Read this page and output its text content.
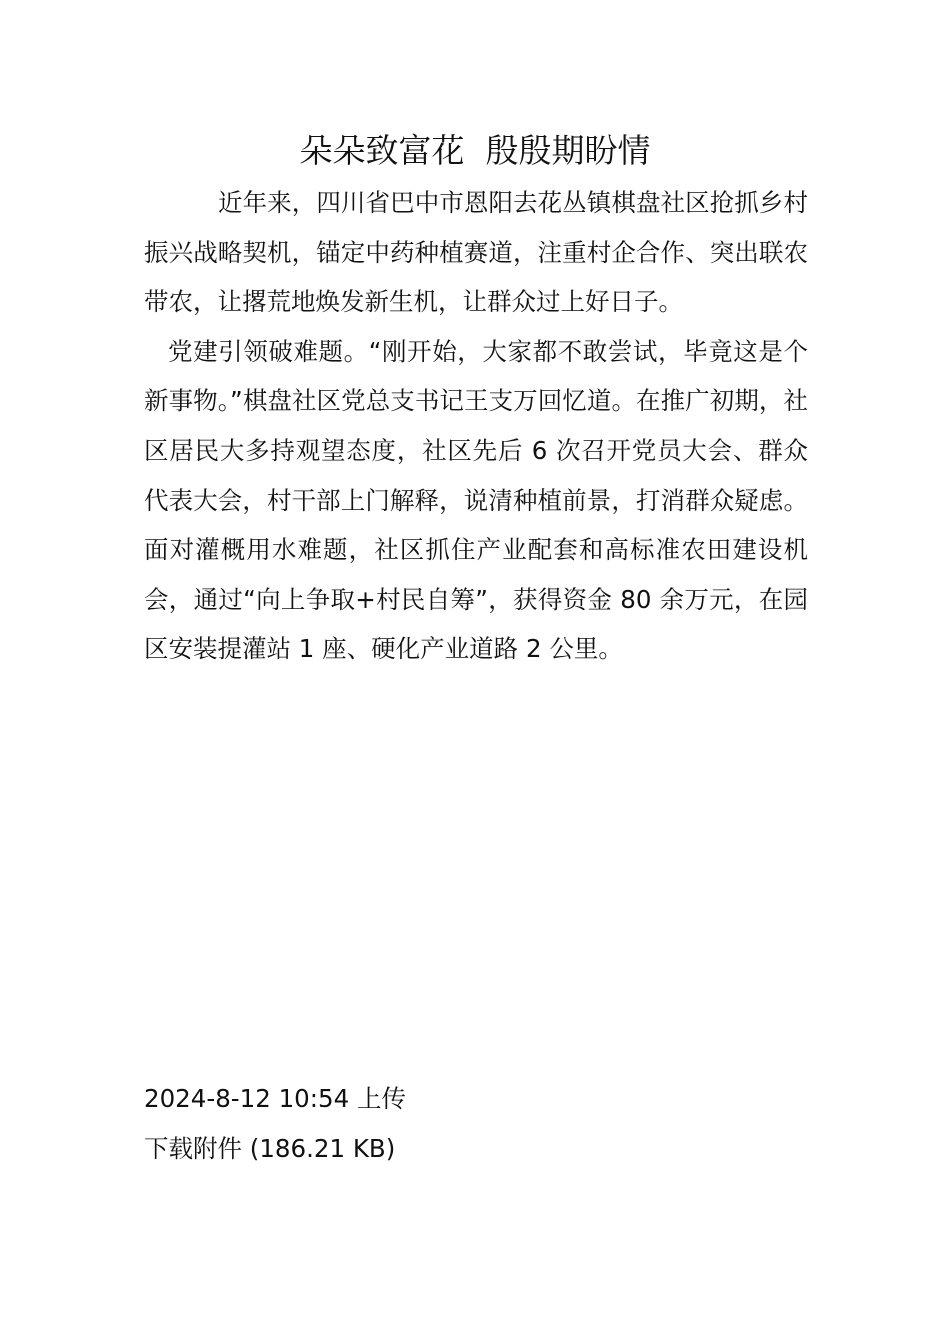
朵朵致富花  殷殷期盼情

近年来，四川省巴中市恩阳去花丛镇棋盘社区抢抓乡村振兴战略契机，锚定中药种植赛道，注重村企合作、突出联农带农，让撂荒地焕发新生机，让群众过上好日子。

党建引领破难题。“刚开始，大家都不敢尝试，毕竟这是个新事物。”棋盘社区党总支书记王支万回忆道。在推广初期，社区居民大多持观望态度，社区先后 6 次召开党员大会、群众代表大会，村干部上门解释，说清种植前景，打消群众疑虑。面对灌概用水难题，社区抓住产业配套和高标准农田建设机会，通过“向上争取+村民自筹”，获得资金 80 余万元，在园区安装提灌站 1 座、硬化产业道路 2 公里。

2024-8-12 10:54 上传
下载附件 (186.21 KB)
